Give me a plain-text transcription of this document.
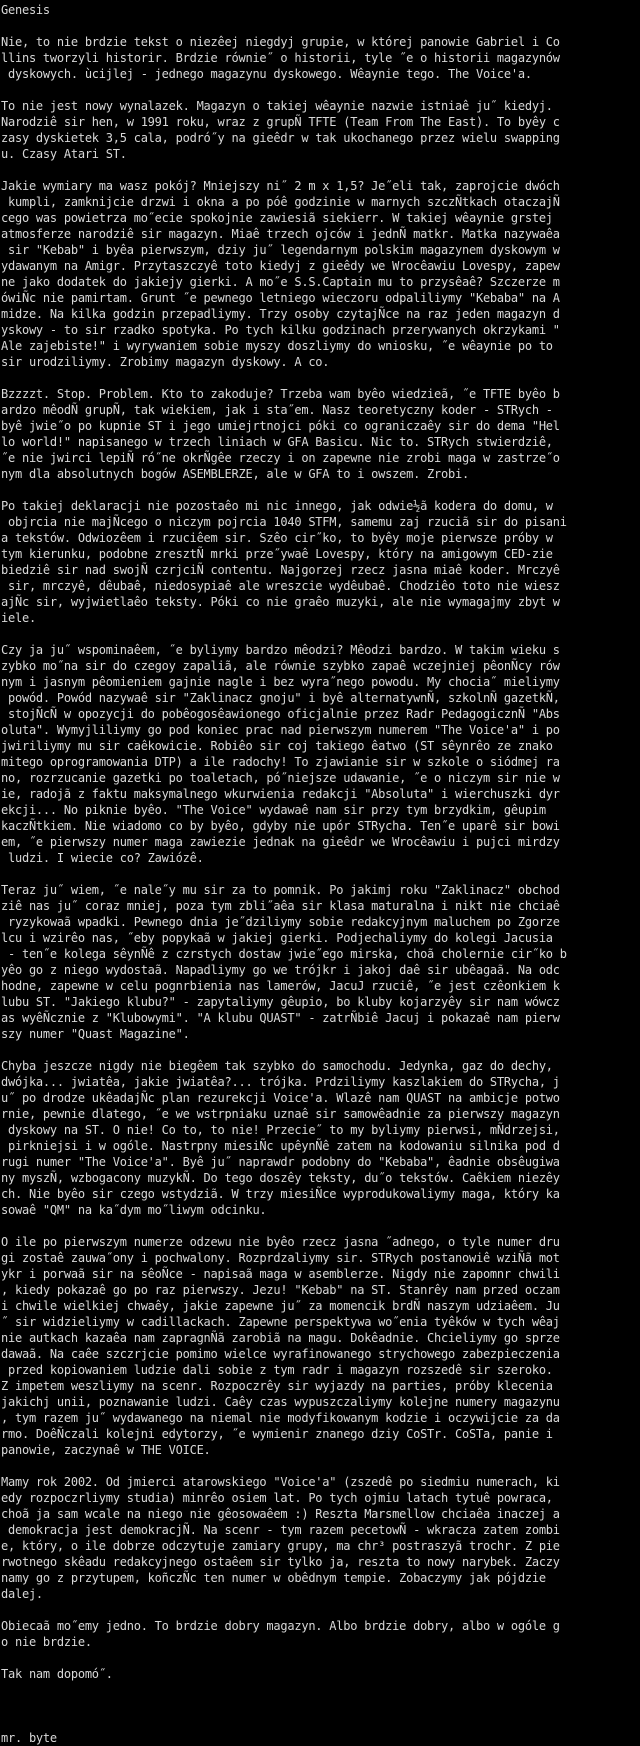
Genesis
Nie, to nie brdzie tekst o niezêej niegdyj grupie, w której panowie Gabriel i Co
llins tworzyli historir. Brdzie równie˝ o historii, tyle ˝e o historii magazynów
dyskowych. ùcijlej - jednego magazynu dyskowego. Wêaynie tego. The Voice'a.
To nie jest nowy wynalazek. Magazyn o takiej wêaynie nazwie istniaê ju˝ kiedyj.
Narodziê sir hen, w 1991 roku, wraz z grupÑ TFTE (Team From The East). To byêy c
zasy dyskietek 3,5 cala, podró˝y na gieêdr w tak ukochanego przez wielu swapping
u. Czasy Atari ST.
Jakie wymiary ma wasz pokój? Mniejszy ni˝ 2 m x 1,5? Je˝eli tak, zaprojcie dwóch
kumpli, zamknijcie drzwi i okna a po póê godzinie w marnych szczÑtkach otaczajÑ
cego was powietrza mo˝ecie spokojnie zawiesiã siekierr. W takiej wêaynie grstej
atmosferze narodziê sir magazyn. Miaê trzech ojców i jednÑ matkr. Matka nazywaêa
sir "Kebab" i byêa pierwszym, dziy ju˝ legendarnym polskim magazynem dyskowym w
ydawanym na Amigr. Przytaszczyê toto kiedyj z gieêdy we Wrocêawiu Lovespy, zapew
ne jako dodatek do jakiejy gierki. A mo˝e S.S.Captain mu to przysêaê? Szczerze m
ówiÑc nie pamirtam. Grunt ˝e pewnego letniego wieczoru odpaliliymy "Kebaba" na A
midze. Na kilka godzin przepadliymy. Trzy osoby czytajÑce na raz jeden magazyn d
yskowy - to sir rzadko spotyka. Po tych kilku godzinach przerywanych okrzykami "
Ale zajebiste!" i wyrywaniem sobie myszy doszliymy do wniosku, ˝e wêaynie po to
sir urodziliymy. Zrobimy magazyn dyskowy. A co.
Bzzzzt. Stop. Problem. Kto to zakoduje? Trzeba wam byêo wiedzieã, ˝e TFTE byêo b
ardzo mêodÑ grupÑ, tak wiekiem, jak i sta˝em. Nasz teoretyczny koder - STRych -
byê jwie˝o po kupnie ST i jego umiejrtnojci póki co ograniczaêy sir do dema "Hel
lo world!" napisanego w trzech liniach w GFA Basicu. Nic to. STRych stwierdziê,
˝e nie jwirci lepiÑ ró˝ne okrÑgêe rzeczy i on zapewne nie zrobi maga w zastrze˝o
nym dla absolutnych bogów ASEMBLERZE, ale w GFA to i owszem. Zrobi.
Po takiej deklaracji nie pozostaêo mi nic innego, jak odwie½ã kodera do domu, w
objrcia nie majÑcego o niczym pojrcia 1040 STFM, samemu zaj rzuciã sir do pisani
a tekstów. Odwiozêem i rzuciêem sir. Szêo cir˝ko, to byêy moje pierwsze próby w
tym kierunku, podobne zresztÑ mrki prze˝ywaê Lovespy, który na amigowym CED-zie
biedziê sir nad swojÑ czrjciÑ contentu. Najgorzej rzecz jasna miaê koder. Mrczyê
sir, mrczyê, dêubaê, niedosypiaê ale wreszcie wydêubaê. Chodziêo toto nie wiesz
ajÑc sir, wyjwietlaêo teksty. Póki co nie graêo muzyki, ale nie wymagajmy zbyt w
iele.
Czy ja ju˝ wspominaêem, ˝e byliymy bardzo mêodzi? Mêodzi bardzo. W takim wieku s
zybko mo˝na sir do czegoy zapaliã, ale równie szybko zapaê wczejniej pêonÑcy rów
nym i jasnym pêomieniem gajnie nagle i bez wyra˝nego powodu. My chocia˝ mieliymy
powód. Powód nazywaê sir "Zaklinacz gnoju" i byê alternatywnÑ, szkolnÑ gazetkÑ,
stojÑcÑ w opozycji do pobêogosêawionego oficjalnie przez Radr PedagogicznÑ "Abs
oluta". Wymyjliliymy go pod koniec prac nad pierwszym numerem "The Voice'a" i po
jwiriliymy mu sir caêkowicie. Robiêo sir coj takiego êatwo (ST sêynrêo ze znako
mitego oprogramowania DTP) a ile radochy! To zjawianie sir w szkole o siódmej ra
no, rozrzucanie gazetki po toaletach, pó˝niejsze udawanie, ˝e o niczym sir nie w
ie, radojã z faktu maksymalnego wkurwienia redakcji "Absoluta" i wierchuszki dyr
ekcji... No piknie byêo. "The Voice" wydawaê nam sir przy tym brzydkim, gêupim
kaczÑtkiem. Nie wiadomo co by byêo, gdyby nie upór STRycha. Ten˝e uparê sir bowi
em, ˝e pierwszy numer maga zawiezie jednak na gieêdr we Wrocêawiu i pujci mirdzy
ludzi. I wiecie co? Zawiózê.
Teraz ju˝ wiem, ˝e nale˝y mu sir za to pomnik. Po jakimj roku "Zaklinacz" obchod
ziê nas ju˝ coraz mniej, poza tym zbli˝aêa sir klasa maturalna i nikt nie chciaê
ryzykowaã wpadki. Pewnego dnia je˝dziliymy sobie redakcyjnym maluchem po Zgorze
lcu i wzirêo nas, ˝eby popykaã w jakiej gierki. Podjechaliymy do kolegi Jacusia
- ten˝e kolega sêynÑê z czrstych dostaw jwie˝ego mirska, choã cholernie cir˝ko b
yêo go z niego wydostaã. Napadliymy go we trójkr i jakoj daê sir ubêagaã. Na odc
hodne, zapewne w celu pognrbienia nas lamerów, JacuJ rzuciê, ˝e jest czêonkiem k
lubu ST. "Jakiego klubu?" - zapytaliymy gêupio, bo kluby kojarzyêy sir nam wówcz
as wyêÑcznie z "Klubowymi". "A klubu QUAST" - zatrÑbiê Jacuj i pokazaê nam pierw
szy numer "Quast Magazine".
Chyba jeszcze nigdy nie biegêem tak szybko do samochodu. Jedynka, gaz do dechy,
dwójka... jwiatêa, jakie jwiatêa?... trójka. Prdziliymy kaszlakiem do STRycha, j
u˝ po drodze ukêadajÑc plan rezurekcji Voice'a. Wlazê nam QUAST na ambicje potwo
rnie, pewnie dlatego, ˝e we wstrpniaku uznaê sir samowêadnie za pierwszy magazyn
dyskowy na ST. O nie! Co to, to nie! Przecie˝ to my byliymy pierwsi, mÑdrzejsi,
pirkniejsi i w ogóle. Nastrpny miesiÑc upêynÑê zatem na kodowaniu silnika pod d
rugi numer "The Voice'a". Byê ju˝ naprawdr podobny do "Kebaba", êadnie obsêugiwa
ny myszÑ, wzbogacony muzykÑ. Do tego doszêy teksty, du˝o tekstów. Caêkiem niezêy
ch. Nie byêo sir czego wstydziã. W trzy miesiÑce wyprodukowaliymy maga, który ka
sowaê "QM" na ka˝dym mo˝liwym odcinku.
O ile po pierwszym numerze odzewu nie byêo rzecz jasna ˝adnego, o tyle numer dru
gi zostaê zauwa˝ony i pochwalony. Rozprdzaliymy sir. STRych postanowiê wziÑã mot
ykr i porwaã sir na sêoÑce - napisaã maga w asemblerze. Nigdy nie zapomnr chwili
, kiedy pokazaê go po raz pierwszy. Jezu! "Kebab" na ST. Stanrêy nam przed oczam
i chwile wielkiej chwaêy, jakie zapewne ju˝ za momencik brdÑ naszym udziaêem. Ju
˝ sir widzieliymy w cadillackach. Zapewne perspektywa wo˝enia tyêków w tych wêaj
nie autkach kazaêa nam zapragnÑã zarobiã na magu. Dokêadnie. Chcieliymy go sprze
dawaã. Na caêe szczrjcie pomimo wielce wyrafinowanego strychowego zabezpieczenia
przed kopiowaniem ludzie dali sobie z tym radr i magazyn rozszedê sir szeroko.
Z impetem weszliymy na scenr. Rozpoczrêy sir wyjazdy na parties, próby klecenia
jakichj unii, poznawanie ludzi. Caêy czas wypuszczaliymy kolejne numery magazynu
, tym razem ju˝ wydawanego na niemal nie modyfikowanym kodzie i oczywijcie za da
rmo. DoêÑczali kolejni edytorzy, ˝e wymienir znanego dziy CoSTr. CoSTa, panie i
panowie, zaczynaê w THE VOICE.
Mamy rok 2002. Od jmierci atarowskiego "Voice'a" (zszedê po siedmiu numerach, ki
edy rozpoczrliymy studia) minrêo osiem lat. Po tych ojmiu latach tytuê powraca,
choã ja sam wcale na niego nie gêosowaêem :) Reszta Marsmellow chciaêa inaczej a
demokracja jest demokracjÑ. Na scenr - tym razem pecetowÑ - wkracza zatem zombi
e, który, o ile dobrze odczytuje zamiary grupy, ma chr³ postraszyã trochr. Z pie
rwotnego skêadu redakcyjnego ostaêem sir tylko ja, reszta to nowy narybek. Zaczy
namy go z przytupem, koñczÑc ten numer w obêdnym tempie. Zobaczymy jak pójdzie
dalej.
Obiecaã mo˝emy jedno. To brdzie dobry magazyn. Albo brdzie dobry, albo w ogóle g
o nie brdzie.
Tak nam dopomó˝.
mr. byte
